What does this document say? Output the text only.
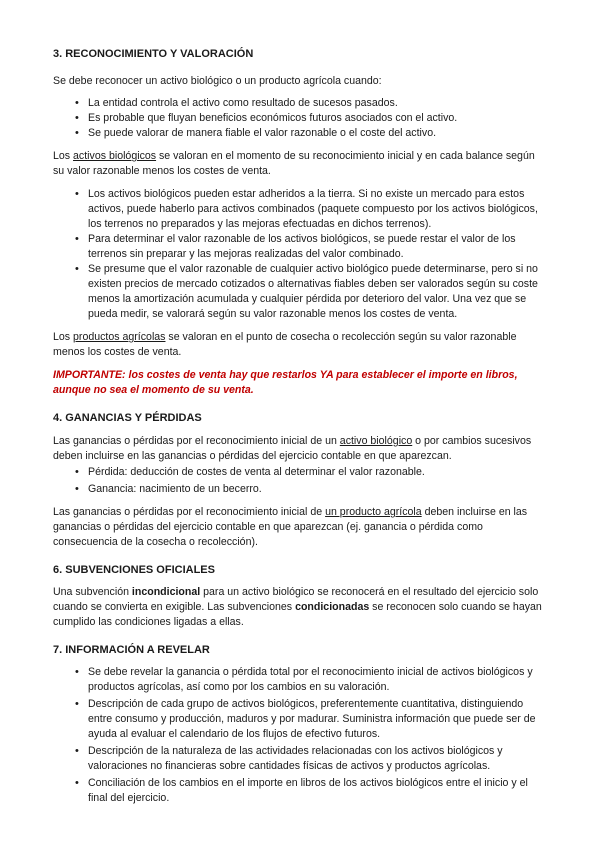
3. RECONOCIMIENTO Y VALORACIÓN

Se debe reconocer un activo biológico o un producto agrícola cuando:

• La entidad controla el activo como resultado de sucesos pasados.
• Es probable que fluyan beneficios económicos futuros asociados con el activo.
• Se puede valorar de manera fiable el valor razonable o el coste del activo.

Los activos biológicos se valoran en el momento de su reconocimiento inicial y en cada balance según su valor razonable menos los costes de venta.

• Los activos biológicos pueden estar adheridos a la tierra. Si no existe un mercado para estos activos, puede haberlo para activos combinados (paquete compuesto por los activos biológicos, los terrenos no preparados y las mejoras efectuadas en dichos terrenos).
• Para determinar el valor razonable de los activos biológicos, se puede restar el valor de los terrenos sin preparar y las mejoras realizadas del valor combinado.
• Se presume que el valor razonable de cualquier activo biológico puede determinarse, pero si no existen precios de mercado cotizados o alternativas fiables deben ser valorados según su coste menos la amortización acumulada y cualquier pérdida por deterioro del valor. Una vez que se pueda medir, se valorará según su valor razonable menos los costes de venta.

Los productos agrícolas se valoran en el punto de cosecha o recolección según su valor razonable menos los costes de venta.

IMPORTANTE: los costes de venta hay que restarlos YA para establecer el importe en libros, aunque no sea el momento de su venta.

4. GANANCIAS Y PÉRDIDAS

Las ganancias o pérdidas por el reconocimiento inicial de un activo biológico o por cambios sucesivos deben incluirse en las ganancias o pérdidas del ejercicio contable en que aparezcan.

• Pérdida: deducción de costes de venta al determinar el valor razonable.
• Ganancia: nacimiento de un becerro.

Las ganancias o pérdidas por el reconocimiento inicial de un producto agrícola deben incluirse en las ganancias o pérdidas del ejercicio contable en que aparezcan (ej. ganancia o pérdida como consecuencia de la cosecha o recolección).

6. SUBVENCIONES OFICIALES

Una subvención incondicional para un activo biológico se reconocerá en el resultado del ejercicio solo cuando se convierta en exigible. Las subvenciones condicionadas se reconocen solo cuando se hayan cumplido las condiciones ligadas a ellas.

7. INFORMACIÓN A REVELAR
• Se debe revelar la ganancia o pérdida total por el reconocimiento inicial de activos biológicos y productos agrícolas, así como por los cambios en su valoración.
• Descripción de cada grupo de activos biológicos, preferentemente cuantitativa, distinguiendo entre consumo y producción, maduros y por madurar. Suministra información que puede ser de ayuda al evaluar el calendario de los flujos de efectivo futuros.
• Descripción de la naturaleza de las actividades relacionadas con los activos biológicos y valoraciones no financieras sobre cantidades físicas de activos y productos agrícolas.
• Conciliación de los cambios en el importe en libros de los activos biológicos entre el inicio y el final del ejercicio.
